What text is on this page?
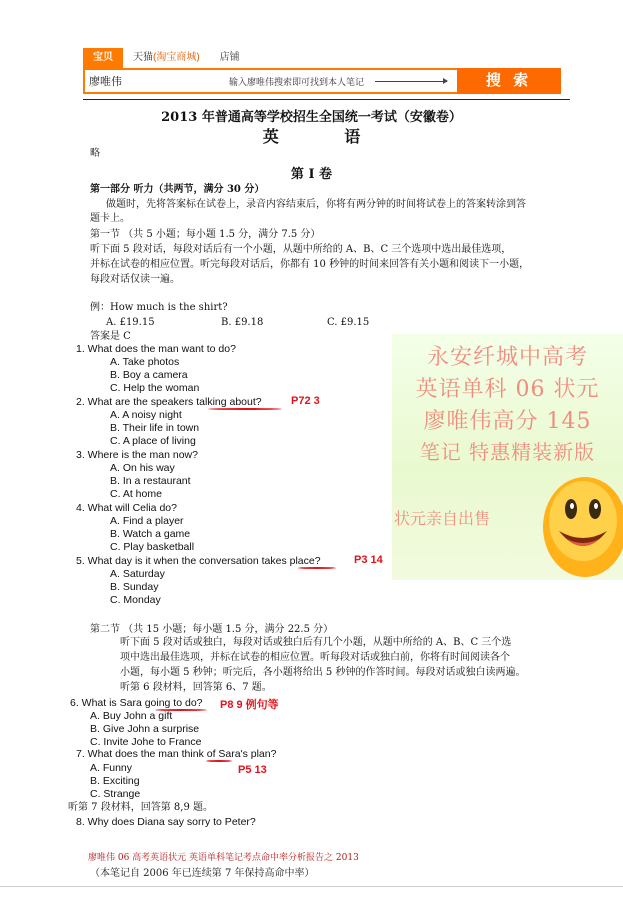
宝贝	天猫(淘宝商城)	店铺
廖唯伟	输入廖唯伟搜索即可找到本人笔记	搜 索
2013 年普通高等学校招生全国统一考试（安徽卷）
英 语
略
第 I 卷
第一部分 听力（共两节，满分 30 分）
做题时，先将答案标在试卷上，录音内容结束后，你将有两分钟的时间将试卷上的答案转涂到答
题卡上。
第一节 （共 5 小题；每小题 1.5 分，满分 7.5 分）
听下面 5 段对话，每段对话后有一个小题，从题中所给的 A、B、C 三个选项中选出最佳选项，
并标在试卷的相应位置。听完每段对话后，你都有 10 秒钟的时间来回答有关小题和阅读下一小题，
每段对话仅读一遍。
例：How much is the shirt?
A. £19.15	B. £9.18	C. £9.15
答案是 C
1. What does the man want to do?
A. Take photos
B. Boy a camera
C. Help the woman
2. What are the speakers talking about?	P72 3
A. A noisy night
B. Their life in town
C. A place of living
3. Where is the man now?
A. On his way
B. In a restaurant
C. At home
4. What will Celia do?
A. Find a player
B. Watch a game
C. Play basketball
5. What day is it when the conversation takes place?	P3 14
A. Saturday
B. Sunday
C. Monday
第二节 （共 15 小题；每小题 1.5 分，满分 22.5 分）
听下面 5 段对话或独白，每段对话或独白后有几个小题，从题中所给的 A、B、C 三个选
项中选出最佳选项，并标在试卷的相应位置。听每段对话或独白前，你将有时间阅读各个
小题，每小题 5 秒钟；听完后，各小题将给出 5 秒钟的作答时间。每段对话或独白读两遍。
听第 6 段材料，回答第 6、7 题。
6. What is Sara going to do? P8 9 例句等
A. Buy John a gift
B. Give John a surprise
C. Invite Johe to France
7. What does the man think of Sara's plan?
P5 13
A. Funny
B. Exciting
C. Strange
听第 7 段材料，回答第 8,9 题。
8. Why does Diana say sorry to Peter?
永安纤城中高考
英语单科 06 状元
廖唯伟高分 145
笔记 特惠精装新版
状元亲自出售
廖唯伟 06 高考英语状元 英语单科笔记考点命中率分析报告之 2013
（本笔记自 2006 年已连续第 7 年保持高命中率）
